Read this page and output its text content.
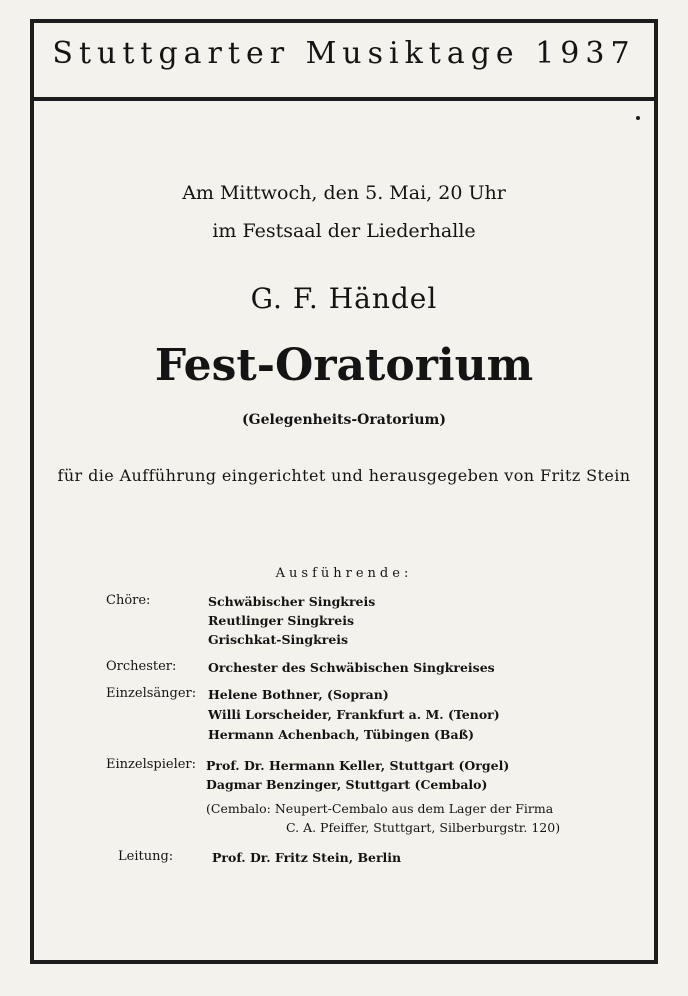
Stuttgarter Musiktage 1937
Am Mittwoch, den 5. Mai, 20 Uhr
im Festsaal der Liederhalle
G. F. Händel
Fest-Oratorium
(Gelegenheits-Oratorium)
für die Aufführung eingerichtet und herausgegeben von Fritz Stein
Ausführende:
Chöre:	Schwäbischer Singkreis
Reutlinger Singkreis
Grischkat-Singkreis
Orchester:	Orchester des Schwäbischen Singkreises
Einzelsänger: Helene Bothner, (Sopran)
Willi Lorscheider, Frankfurt a. M. (Tenor)
Hermann Achenbach, Tübingen (Baß)
Einzelspieler: Prof. Dr. Hermann Keller, Stuttgart (Orgel)
Dagmar Benzinger, Stuttgart (Cembalo)
(Cembalo: Neupert-Cembalo aus dem Lager der Firma
C. A. Pfeiffer, Stuttgart, Silberburgstr. 120)
Leitung:	Prof. Dr. Fritz Stein, Berlin
